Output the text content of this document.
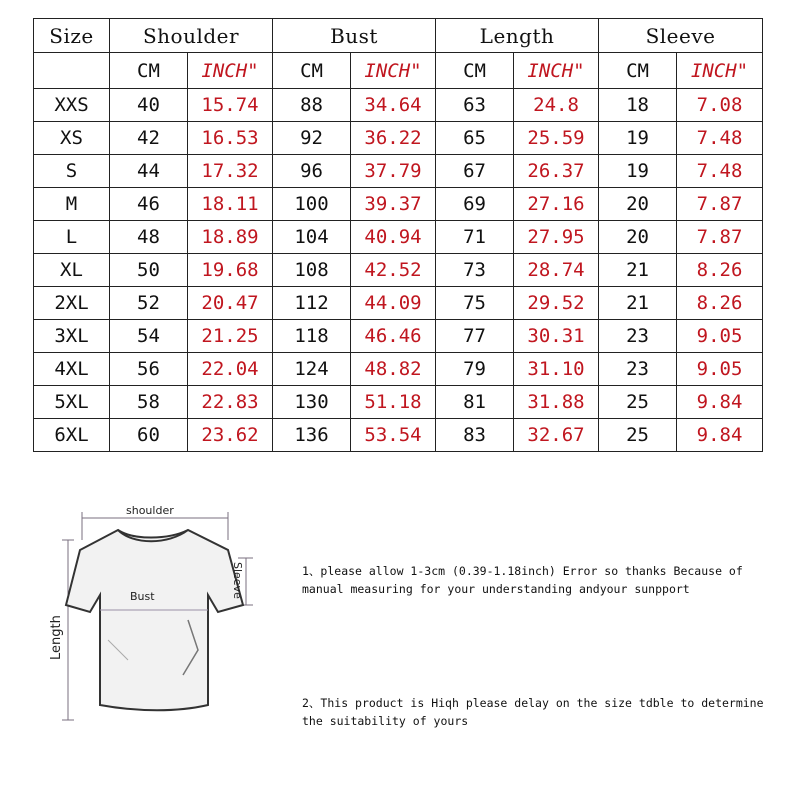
Size	Shoulder		Bust		Length		Sleeve	
	CM	INCH"	CM	INCH"	CM	INCH"	CM	INCH"
XXS	40	15.74	88	34.64	63	24.8	18	7.08
XS	42	16.53	92	36.22	65	25.59	19	7.48
S	44	17.32	96	37.79	67	26.37	19	7.48
M	46	18.11	100	39.37	69	27.16	20	7.87
L	48	18.89	104	40.94	71	27.95	20	7.87
XL	50	19.68	108	42.52	73	28.74	21	8.26
2XL	52	20.47	112	44.09	75	29.52	21	8.26
3XL	54	21.25	118	46.46	77	30.31	23	9.05
4XL	56	22.04	124	48.82	79	31.10	23	9.05
5XL	58	22.83	130	51.18	81	31.88	25	9.84
6XL	60	23.62	136	53.54	83	32.67	25	9.84
shoulder
Bust
Length
Sleeve	1、please allow 1-3cm (0.39-1.18inch) Error so thanks Because of manual measuring for your understanding andyour sunpport
2、This product is Hiqh please delay on the size tdble to determine the suitability of yours
